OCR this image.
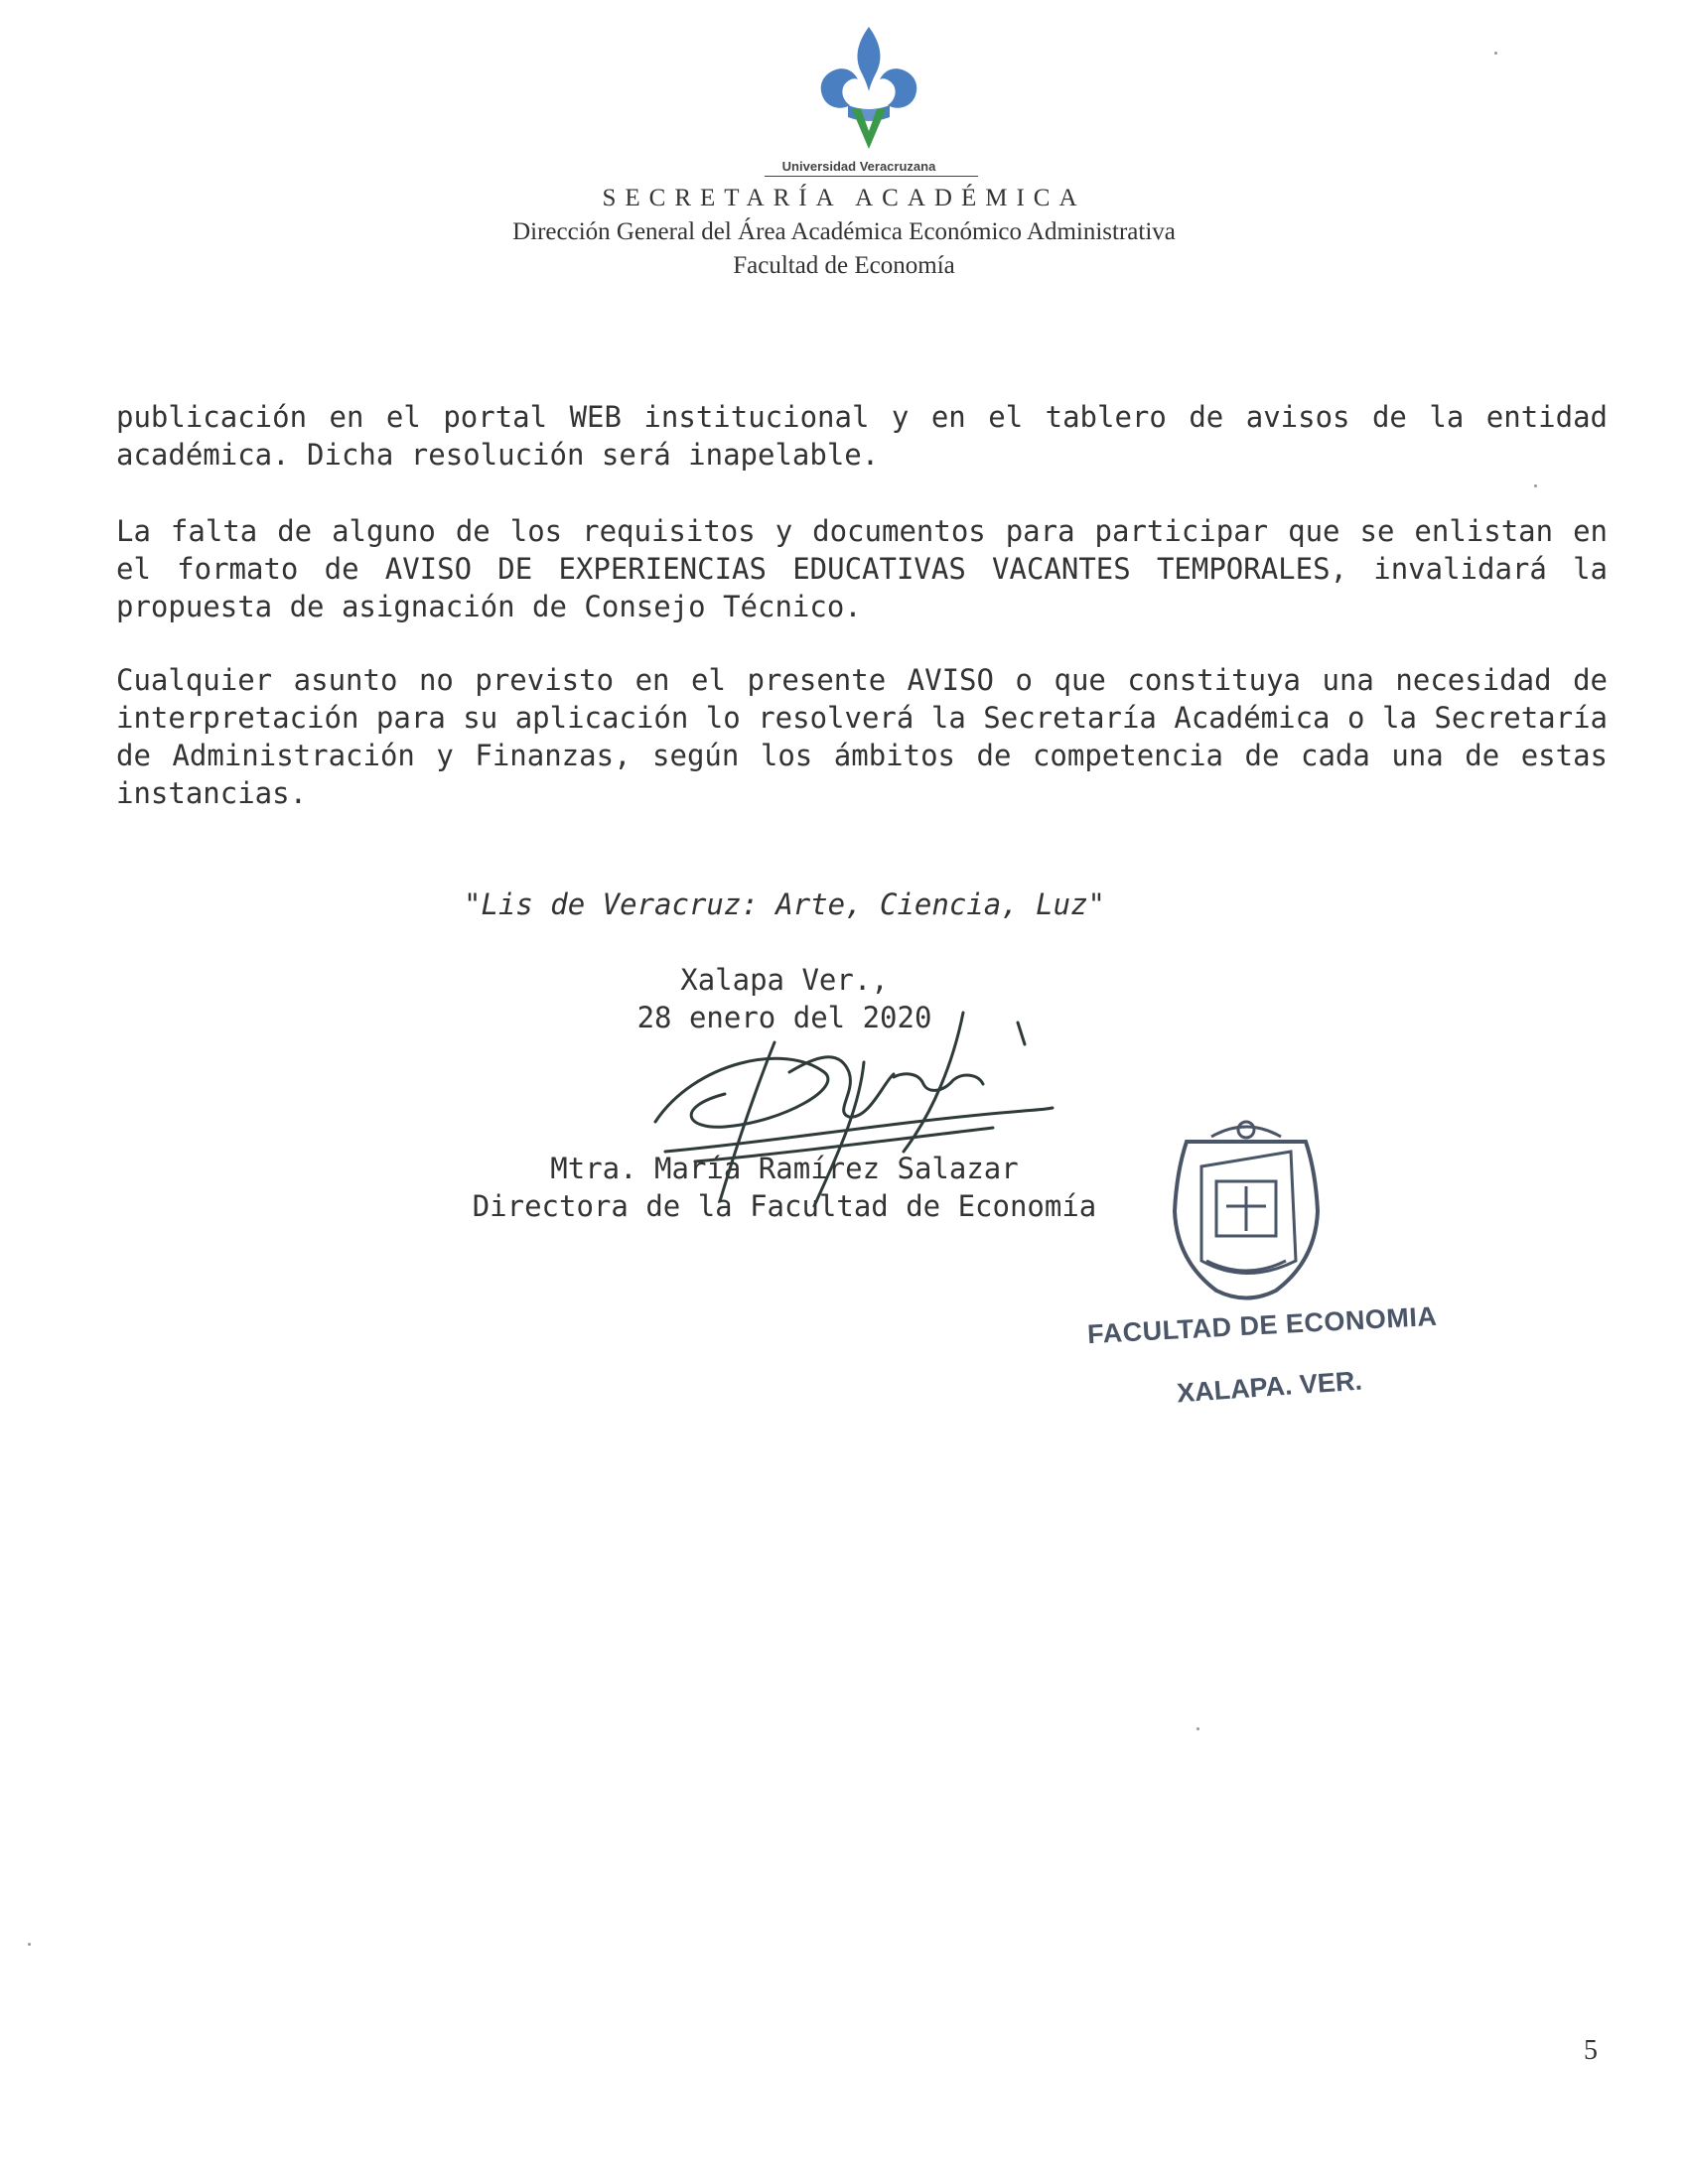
Universidad Veracruzana
SECRETARÍA ACADÉMICA
Dirección General del Área Académica Económico Administrativa
Facultad de Economía

publicación en el portal WEB institucional y en el tablero de avisos de la entidad académica. Dicha resolución será inapelable.

La falta de alguno de los requisitos y documentos para participar que se enlistan en el formato de AVISO DE EXPERIENCIAS EDUCATIVAS VACANTES TEMPORALES, invalidará la propuesta de asignación de Consejo Técnico.

Cualquier asunto no previsto en el presente AVISO o que constituya una necesidad de interpretación para su aplicación lo resolverá la Secretaría Académica o la Secretaría de Administración y Finanzas, según los ámbitos de competencia de cada una de estas instancias.

"Lis de Veracruz: Arte, Ciencia, Luz"
Xalapa Ver.,
28 enero del 2020
Mtra. María Ramírez Salazar
Directora de la Facultad de Economía
FACULTAD DE ECONOMIA
XALAPA. VER.
5
